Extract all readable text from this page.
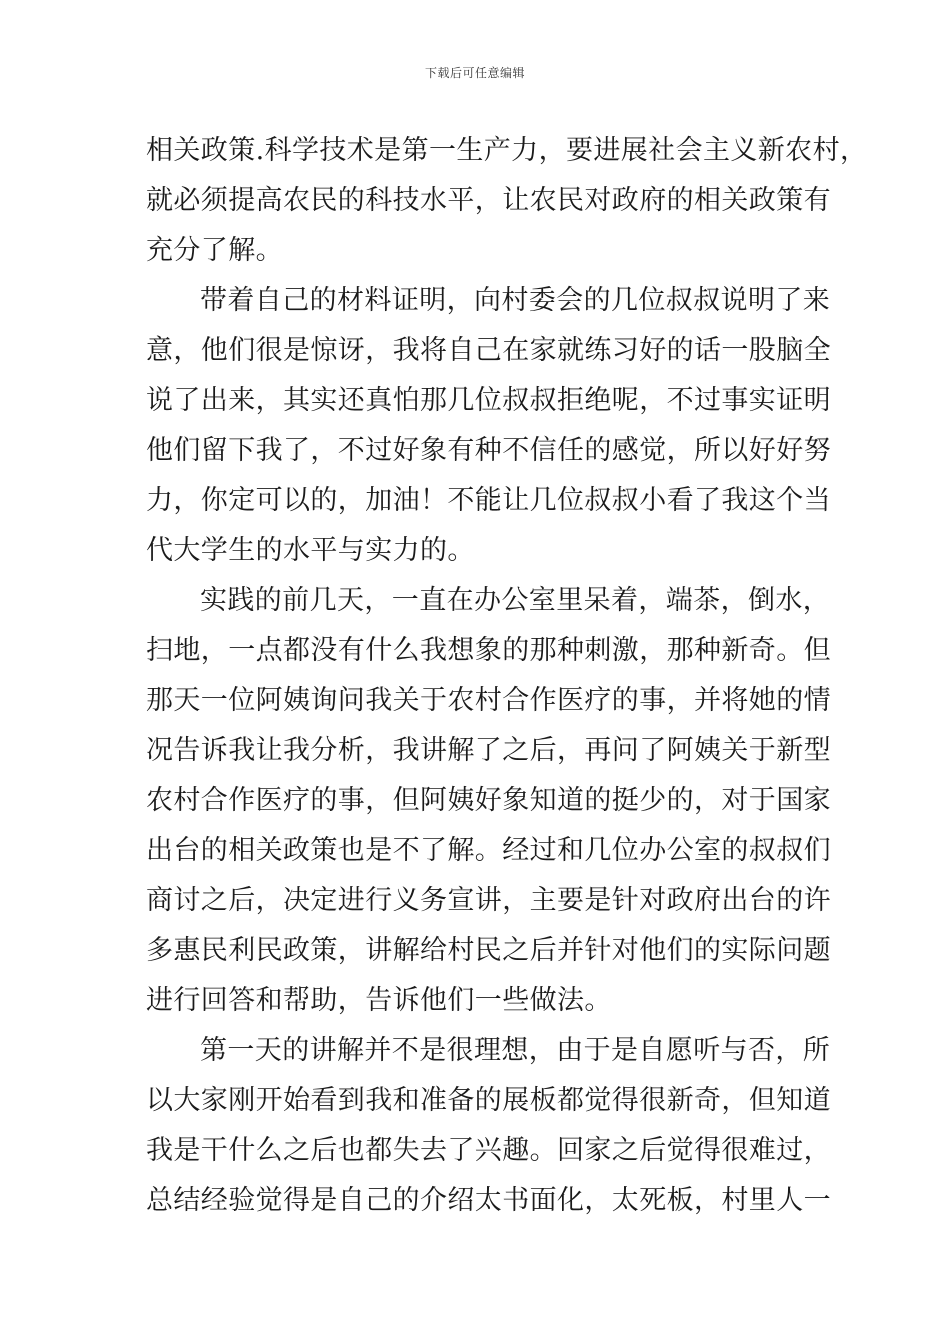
下载后可任意编辑
相关政策.科学技术是第一生产力，要进展社会主义新农村，
就必须提高农民的科技水平，让农民对政府的相关政策有
充分了解。
带着自己的材料证明，向村委会的几位叔叔说明了来
意，他们很是惊讶，我将自己在家就练习好的话一股脑全
说了出来，其实还真怕那几位叔叔拒绝呢，不过事实证明
他们留下我了，不过好象有种不信任的感觉，所以好好努
力，你定可以的，加油！不能让几位叔叔小看了我这个当
代大学生的水平与实力的。
实践的前几天，一直在办公室里呆着，端茶，倒水，
扫地，一点都没有什么我想象的那种刺激，那种新奇。但
那天一位阿姨询问我关于农村合作医疗的事，并将她的情
况告诉我让我分析，我讲解了之后，再问了阿姨关于新型
农村合作医疗的事，但阿姨好象知道的挺少的，对于国家
出台的相关政策也是不了解。经过和几位办公室的叔叔们
商讨之后，决定进行义务宣讲，主要是针对政府出台的许
多惠民利民政策，讲解给村民之后并针对他们的实际问题
进行回答和帮助，告诉他们一些做法。
第一天的讲解并不是很理想，由于是自愿听与否，所
以大家刚开始看到我和准备的展板都觉得很新奇，但知道
我是干什么之后也都失去了兴趣。回家之后觉得很难过，
总结经验觉得是自己的介绍太书面化，太死板，村里人一
